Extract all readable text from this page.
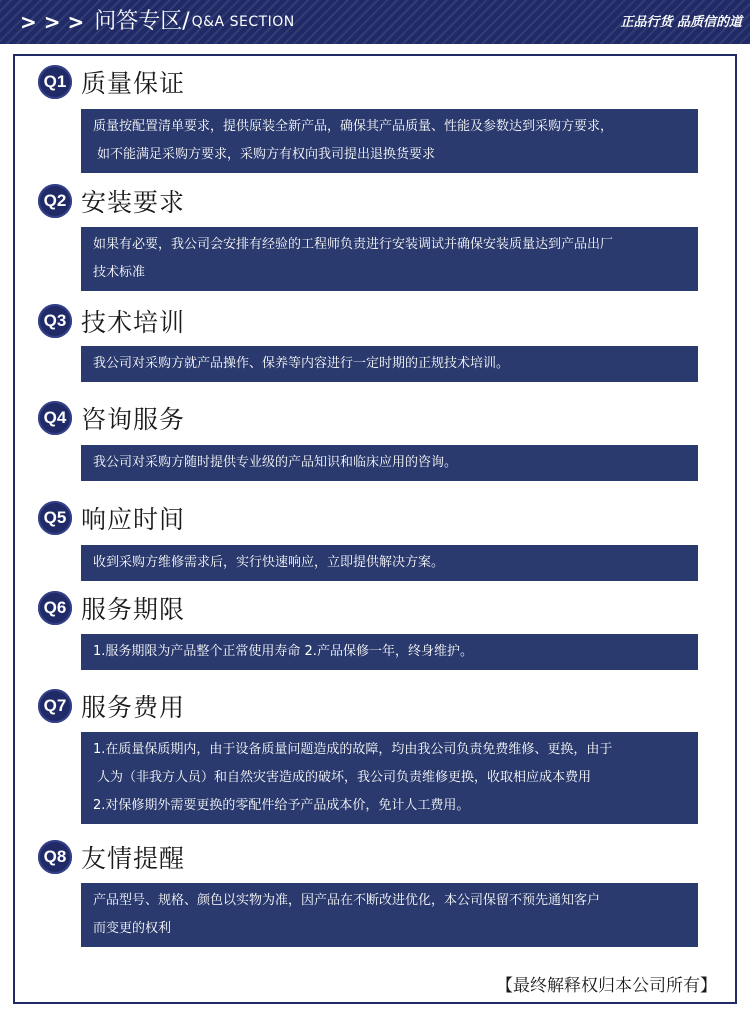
> > > 问答专区/ Q&A SECTION	正品行货 品质信的道
Q1 质量保证
质量按配置清单要求，提供原装全新产品，确保其产品质量、性能及参数达到采购方要求，
如不能满足采购方要求，采购方有权向我司提出退换货要求
Q2 安装要求
如果有必要，我公司会安排有经验的工程师负责进行安装调试并确保安装质量达到产品出厂
技术标准
Q3 技术培训
我公司对采购方就产品操作、保养等内容进行一定时期的正规技术培训。
Q4 咨询服务
我公司对采购方随时提供专业级的产品知识和临床应用的咨询。
Q5 响应时间
收到采购方维修需求后，实行快速响应，立即提供解决方案。
Q6 服务期限
1.服务期限为产品整个正常使用寿命 2.产品保修一年，终身维护。
Q7 服务费用
1.在质量保质期内，由于设备质量问题造成的故障，均由我公司负责免费维修、更换，由于
人为（非我方人员）和自然灾害造成的破坏，我公司负责维修更换，收取相应成本费用
2.对保修期外需要更换的零配件给予产品成本价，免计人工费用。
Q8 友情提醒
产品型号、规格、颜色以实物为准，因产品在不断改进优化，本公司保留不预先通知客户
而变更的权利
【最终解释权归本公司所有】
